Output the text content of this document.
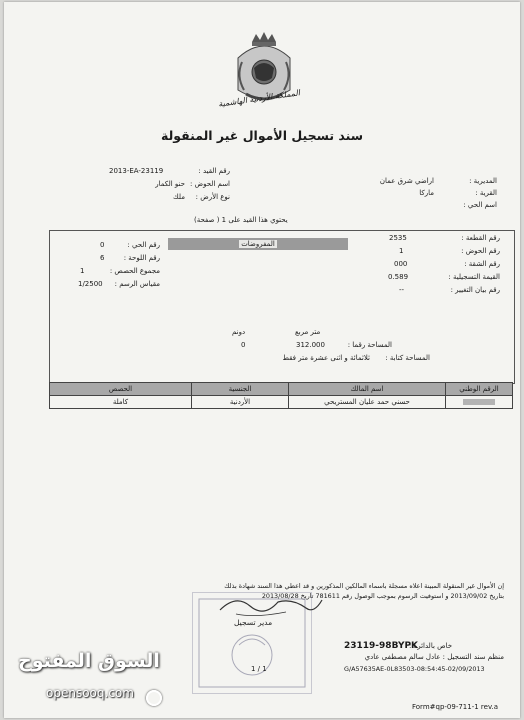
المملكة الأردنية الهاشمية
سند تسجيل الأموال غير المنقولة
المديرية :
اراضي شرق عمان
القرية :
ماركا
اسم الحي :
رقم القيد :
2013-EA-23119
اسم الحوض :
حنو الكمار
نوع الأرض :
ملك
يحتوي هذا القيد على 1 ( صفحة)
المفروضات
رقم القطعة :
2535
رقم الحوض :
1
رقم الشقة :
000
القيمة التسجيلية :
0.589
رقم بيان التغيير :
--
رقم الحي :
0
رقم اللوحة :
6
مجموع الحصص :
1
مقياس الرسم :
1/2500
متر مربع
دونم
المساحة رقما :
312.000
0
المساحة كتابة :
ثلاثمائة و اثنى عشرة متر فقط
الرقم الوطني	اسم المالك	الجنسية	الحصص
	حسني حمد عليان المستريحي	الأردنية	كاملة
إن الأموال غير المنقولة المبينة اعلاه مسجلة باسماء المالكين المذكورين و قد اعطي هذا السند شهادة بذلك
بتاريخ 2013/09/02 و استوفيت الرسوم بموجب الوصول رقم 781611 تاريخ 2013/08/28
مدير تسجيل
خاص بالدائرة :
23119-98BYPK
منظم سند التسجيل : عادل سالم مصطفى عادي
G/A57635AE-0L83503-08:54:45-02/09/2013
1 / 1
Form#qp-09-711-1 rev.a
السوق المفتوح
opensooq.com
